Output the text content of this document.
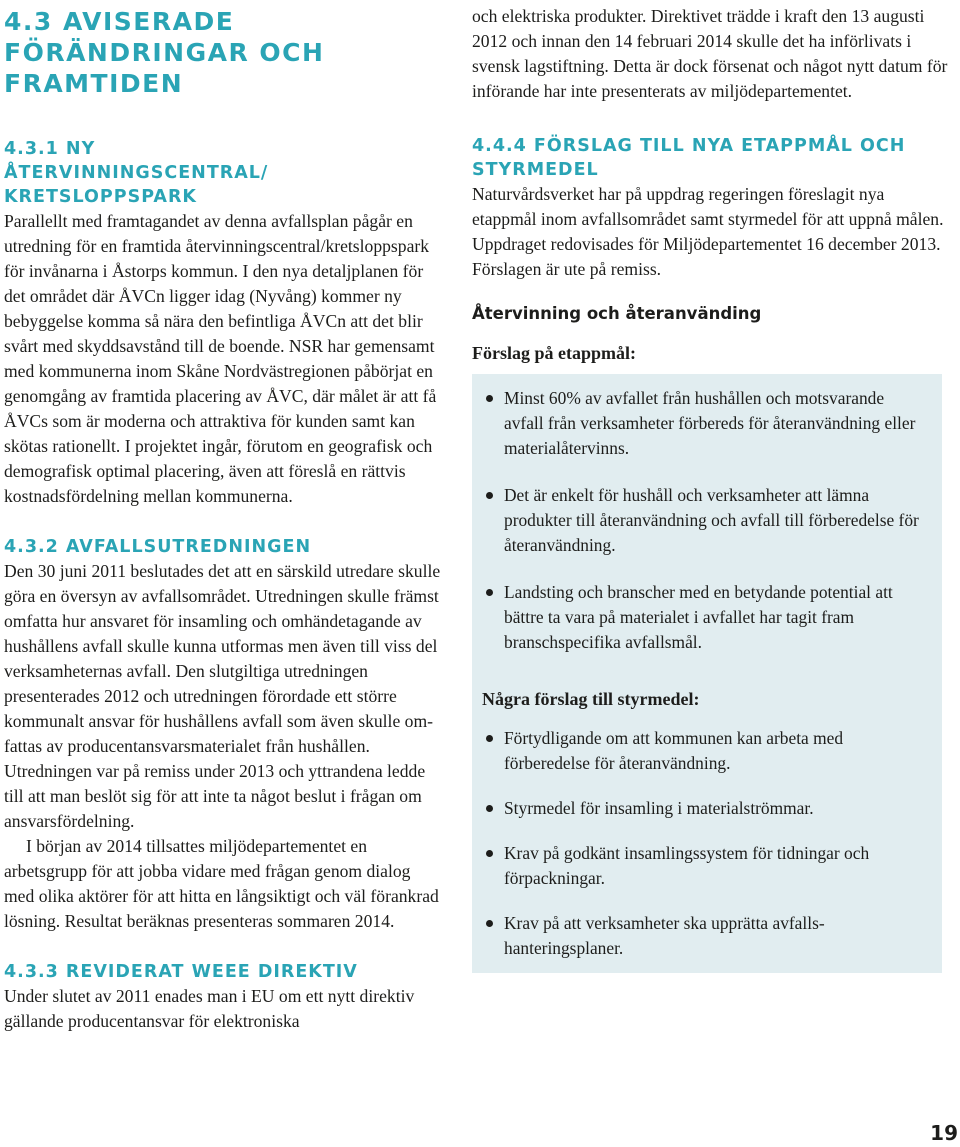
4.3 AVISERADE FÖRÄNDRINGAR OCH FRAMTIDEN
4.3.1 NY ÅTERVINNINGSCENTRAL/ KRETSLOPPSPARK

Parallellt med framtagandet av denna avfallsplan pågår en utredning för en framtida återvinningscentral/kretsloppspark för invånarna i Åstorps kommun. I den nya detaljplanen för det området där ÅVCn ligger idag (Nyvång) kommer ny bebyggelse komma så nära den befintliga ÅVCn att det blir svårt med skyddsavstånd till de boende. NSR har gemensamt med kommunerna inom Skåne Nordvästregionen påbörjat en genomgång av framtida placering av ÅVC, där målet är att få ÅVCs som är moderna och attraktiva för kunden samt kan skötas rationellt. I projektet ingår, förutom en geografisk och demografisk optimal placering, även att föreslå en rättvis kostnadsfördelning mellan kommunerna.

4.3.2 AVFALLSUTREDNINGEN

Den 30 juni 2011 beslutades det att en särskild utredare skulle göra en översyn av avfallsområdet. Utredningen skulle främst omfatta hur ansvaret för insamling och omhändetagande av hushållens avfall skulle kunna utformas men även till viss del verksamheternas avfall. Den slutgiltiga utredningen presenterades 2012 och utredningen förordade ett större kommunalt ansvar för hushållens avfall som även skulle omfattas av producentansvarsmaterialet från hushållen. Utredningen var på remiss under 2013 och yttrandena ledde till att man beslöt sig för att inte ta något beslut i frågan om ansvarsfördelning.

I början av 2014 tillsattes miljödepartementet en arbetsgrupp för att jobba vidare med frågan genom dialog med olika aktörer för att hitta en långsiktigt och väl förankrad lösning. Resultat beräknas presenteras sommaren 2014.

4.3.3 REVIDERAT WEEE DIREKTIV

Under slutet av 2011 enades man i EU om ett nytt direktiv gällande producentansvar för elektroniska

och elektriska produkter. Direktivet trädde i kraft den 13 augusti 2012 och innan den 14 februari 2014 skulle det ha införlivats i svensk lagstiftning. Detta är dock försenat och något nytt datum för införande har inte presenterats av miljödepartementet.

4.4.4 FÖRSLAG TILL NYA ETAPPMÅL OCH STYRMEDEL

Naturvårdsverket har på uppdrag regeringen föreslagit nya etappmål inom avfallsområdet samt styrmedel för att uppnå målen. Uppdraget redovisades för Miljödepartementet 16 december 2013. Förslagen är ute på remiss.

Återvinning och återanvänding

Förslag på etappmål:

Minst 60% av avfallet från hushållen och motsvarande avfall från verksamheter förbereds för återanvändning eller materialåtervinns.
Det är enkelt för hushåll och verksamheter att lämna produkter till återanvändning och avfall till förberedelse för återanvändning.
Landsting och branscher med en betydande potential att bättre ta vara på materialet i avfallet har tagit fram branschspecifika avfallsmål.

Några förslag till styrmedel:

Förtydligande om att kommunen kan arbeta med förberedelse för återanvändning.
Styrmedel för insamling i materialströmmar.
Krav på godkänt insamlingssystem för tidningar och förpackningar.
Krav på att verksamheter ska upprätta avfallshanteringsplaner.
19
